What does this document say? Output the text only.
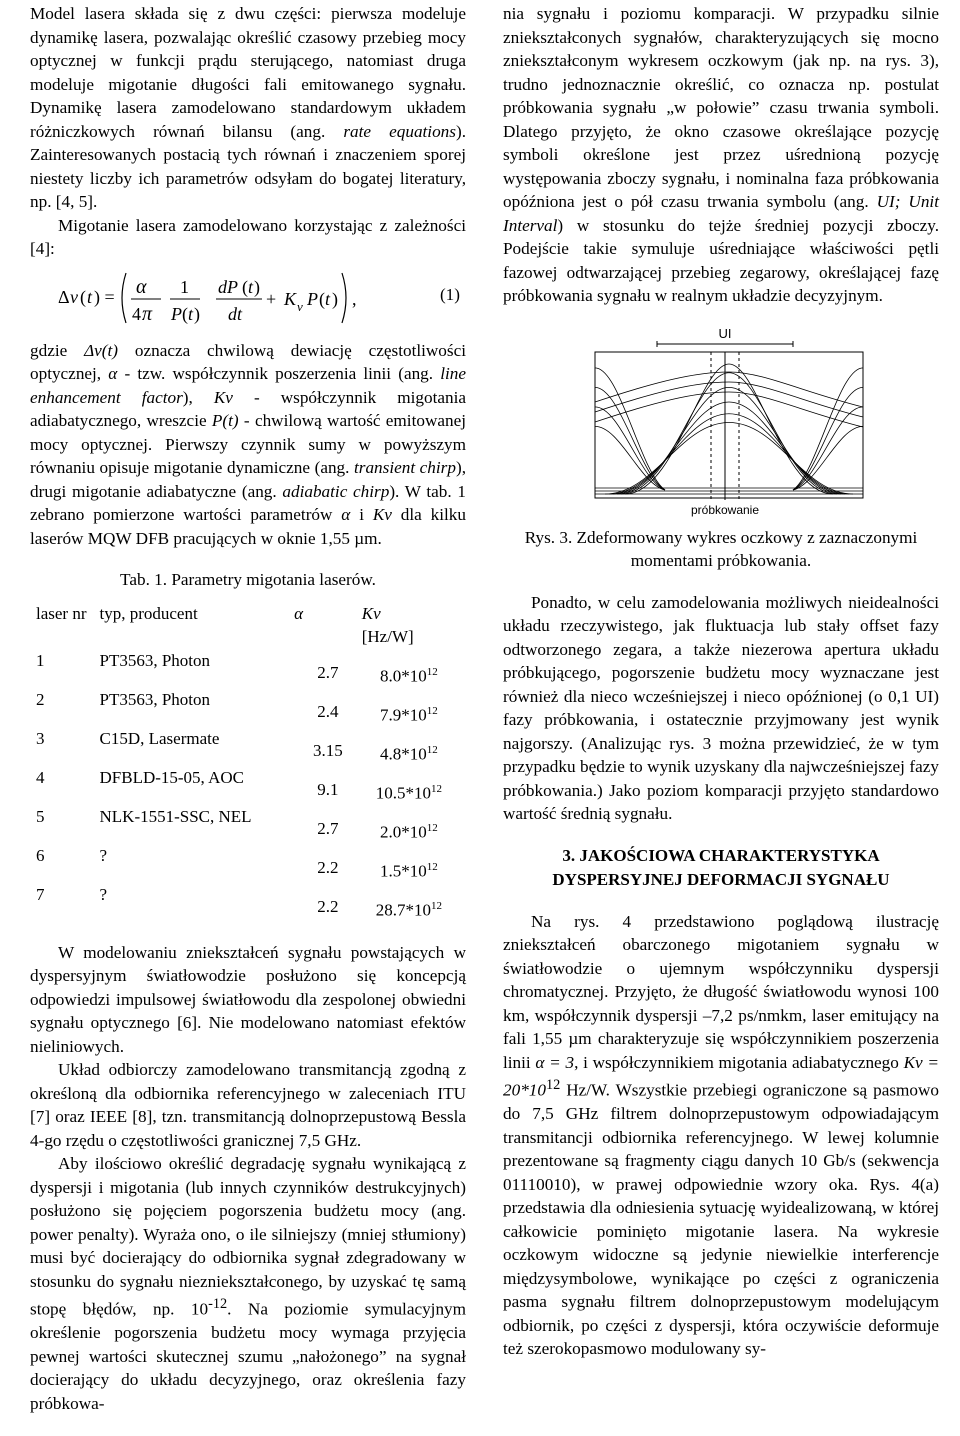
Model lasera składa się z dwu części: pierwsza modeluje dynamikę lasera, pozwalając określić czasowy przebieg mocy optycznej w funkcji prądu sterującego, natomiast druga modeluje migotanie długości fali emitowanego sygnału. Dynamikę lasera zamodelowano standardowym układem różniczkowych równań bilansu (ang. rate equations). Zainteresowanych postacią tych równań i znaczeniem sporej niestety liczby ich parametrów odsyłam do bogatej literatury, np. [4, 5].

Migotanie lasera zamodelowano korzystając z zależności [4]:

Δ ν ( t ) = α
4 π
1
P ( t )
dP ( t )
dt
+ K ν P ( t ) ,	(1)

gdzie Δν(t) oznacza chwilową dewiację częstotliwości optycznej, α - tzw. współczynnik poszerzenia linii (ang. line enhancement factor), Kν - współczynnik migotania adiabatycznego, wreszcie P(t) - chwilową wartość emitowanej mocy optycznej. Pierwszy czynnik sumy w powyższym równaniu opisuje migotanie dynamiczne (ang. transient chirp), drugi migotanie adiabatyczne (ang. adiabatic chirp). W tab. 1 zebrano pomierzone wartości parametrów α i Kν dla kilku laserów MQW DFB pracujących w oknie 1,55 µm.

Tab. 1. Parametry migotania laserów.

laser nr	typ, producent	α	Kν
[Hz/W]

1	PT3563, Photon	2.7	$8.0*10^{12}$

2	PT3563, Photon	2.4	$7.9*10^{12}$

3	C15D, Lasermate	3.15	$4.8*10^{12}$

4	DFBLD-15-05, AOC	9.1	$10.5*10^{12}$

5	NLK-1551-SSC, NEL	2.7	$2.0*10^{12}$

6	?	2.2	$1.5*10^{12}$

7	?	2.2	$28.7*10^{12}$

W modelowaniu zniekształceń sygnału powstających w dyspersyjnym światłowodzie posłużono się koncepcją odpowiedzi impulsowej światłowodu dla zespolonej obwiedni sygnału optycznego [6]. Nie modelowano natomiast efektów nieliniowych.

Układ odbiorczy zamodelowano transmitancją zgodną z określoną dla odbiornika referencyjnego w zaleceniach ITU [7] oraz IEEE [8], tzn. transmitancją dolnoprzepustową Bessla 4-go rzędu o częstotliwości granicznej 7,5 GHz.

Aby ilościowo określić degradację sygnału wynikającą z dyspersji i migotania (lub innych czynników destrukcyjnych) posłużono się pojęciem pogorszenia budżetu mocy (ang. power penalty). Wyraża ono, o ile silniejszy (mniej stłumiony) musi być docierający do odbiornika sygnał zdegradowany w stosunku do sygnału niezniekształconego, by uzyskać tę samą stopę błędów, np. $10^{-12}$. Na poziomie symulacyjnym określenie pogorszenia budżetu mocy wymaga przyjęcia pewnej wartości skutecznej szumu „nałożonego” na sygnał docierający do układu decyzyjnego, oraz określenia fazy próbkowa-

nia sygnału i poziomu komparacji. W przypadku silnie zniekształconych sygnałów, charakteryzujących się mocno zniekształconym wykresem oczkowym (jak np. na rys. 3), trudno jednoznacznie określić, co oznacza np. postulat próbkowania sygnału „w połowie” czasu trwania symboli. Dlatego przyjęto, że okno czasowe określające pozycję symboli określone jest przez uśrednioną pozycję występowania zboczy sygnału, i nominalna faza próbkowania opóźniona jest o pół czasu trwania symbolu (ang. UI; Unit Interval) w stosunku do tejże średniej pozycji zboczy. Podejście takie symuluje uśredniające właściwości pętli fazowej odtwarzającej przebieg zegarowy, określającej fazę próbkowania sygnału w realnym układzie decyzyjnym.

UI
próbkowanie

Rys. 3. Zdeformowany wykres oczkowy z zaznaczonymi momentami próbkowania.

Ponadto, w celu zamodelowania możliwych nieidealności układu rzeczywistego, jak fluktuacja lub stały offset fazy odtworzonego zegara, a także niezerowa apertura układu próbkującego, pogorszenie budżetu mocy wyznaczane jest również dla nieco wcześniejszej i nieco opóźnionej (o 0,1 UI) fazy próbkowania, i ostatecznie przyjmowany jest wynik najgorszy. (Analizując rys. 3 można przewidzieć, że w tym przypadku będzie to wynik uzyskany dla najwcześniejszej fazy próbkowania.) Jako poziom komparacji przyjęto standardowo wartość średnią sygnału.

3. JAKOŚCIOWA CHARAKTERYSTYKA DYSPERSYJNEJ DEFORMACJI SYGNAŁU

Na rys. 4 przedstawiono poglądową ilustrację zniekształceń obarczonego migotaniem sygnału w światłowodzie o ujemnym współczynniku dyspersji chromatycznej. Przyjęto, że długość światłowodu wynosi 100 km, współczynnik dyspersji –7,2 ps/nmkm, laser emitujący na fali 1,55 µm charakteryzuje się współczynnikiem poszerzenia linii α = 3, i współczynnikiem migotania adiabatycznego $K\nu = 20*10^{12}$ Hz/W. Wszystkie przebiegi ograniczone są pasmowo do 7,5 GHz filtrem dolnoprzepustowym odpowiadającym transmitancji odbiornika referencyjnego. W lewej kolumnie prezentowane są fragmenty ciągu danych 10 Gb/s (sekwencja 01110010), w prawej odpowiednie wzory oka. Rys. 4(a) przedstawia dla odniesienia sytuację wyidealizowaną, w której całkowicie pominięto migotanie lasera. Na wykresie oczkowym widoczne są jedynie niewielkie interferencje międzysymbolowe, wynikające po części z ograniczenia pasma sygnału filtrem dolnoprzepustowym modelującym odbiornik, po części z dyspersji, która oczywiście deformuje też szerokopasmowo modulowany sy-
